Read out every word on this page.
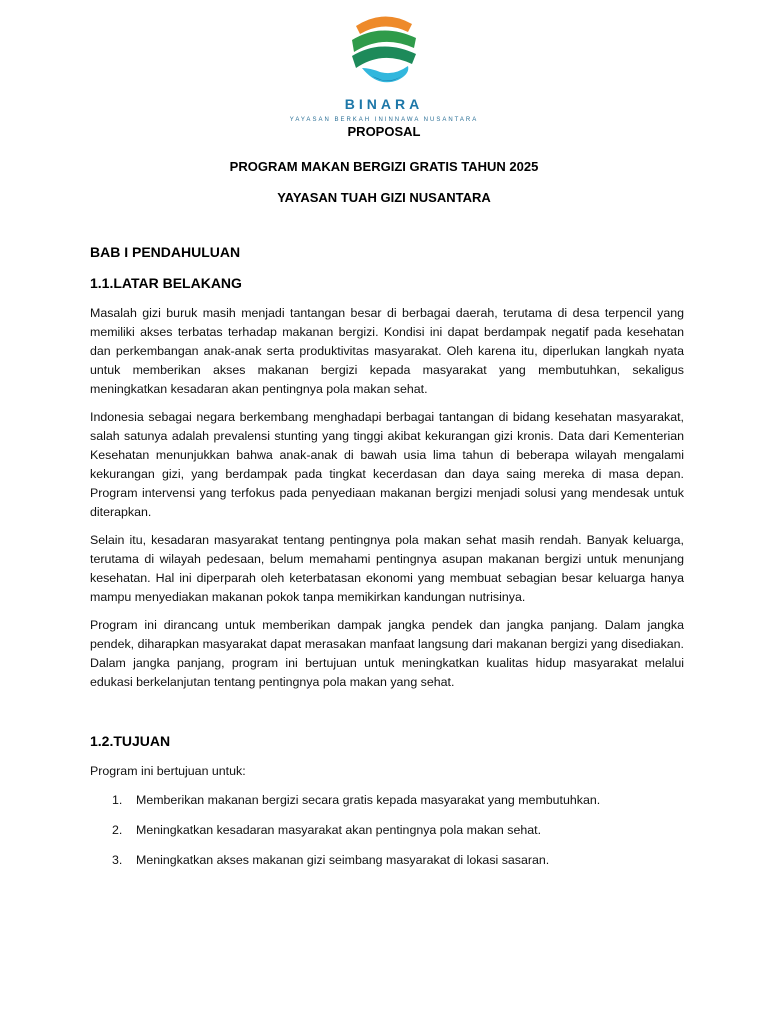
BINARA
YAYASAN BERKAH ININNAWA NUSANTARA
PROPOSAL
PROGRAM MAKAN BERGIZI GRATIS TAHUN 2025
YAYASAN TUAH GIZI NUSANTARA
BAB I PENDAHULUAN
1.1.LATAR BELAKANG

Masalah gizi buruk masih menjadi tantangan besar di berbagai daerah, terutama di desa terpencil yang memiliki akses terbatas terhadap makanan bergizi. Kondisi ini dapat berdampak negatif pada kesehatan dan perkembangan anak-anak serta produktivitas masyarakat. Oleh karena itu, diperlukan langkah nyata untuk memberikan akses makanan bergizi kepada masyarakat yang membutuhkan, sekaligus meningkatkan kesadaran akan pentingnya pola makan sehat.

Indonesia sebagai negara berkembang menghadapi berbagai tantangan di bidang kesehatan masyarakat, salah satunya adalah prevalensi stunting yang tinggi akibat kekurangan gizi kronis. Data dari Kementerian Kesehatan menunjukkan bahwa anak-anak di bawah usia lima tahun di beberapa wilayah mengalami kekurangan gizi, yang berdampak pada tingkat kecerdasan dan daya saing mereka di masa depan. Program intervensi yang terfokus pada penyediaan makanan bergizi menjadi solusi yang mendesak untuk diterapkan.

Selain itu, kesadaran masyarakat tentang pentingnya pola makan sehat masih rendah. Banyak keluarga, terutama di wilayah pedesaan, belum memahami pentingnya asupan makanan bergizi untuk menunjang kesehatan. Hal ini diperparah oleh keterbatasan ekonomi yang membuat sebagian besar keluarga hanya mampu menyediakan makanan pokok tanpa memikirkan kandungan nutrisinya.

Program ini dirancang untuk memberikan dampak jangka pendek dan jangka panjang. Dalam jangka pendek, diharapkan masyarakat dapat merasakan manfaat langsung dari makanan bergizi yang disediakan. Dalam jangka panjang, program ini bertujuan untuk meningkatkan kualitas hidup masyarakat melalui edukasi berkelanjutan tentang pentingnya pola makan yang sehat.

1.2.TUJUAN

Program ini bertujuan untuk:

1. Memberikan makanan bergizi secara gratis kepada masyarakat yang membutuhkan.
2. Meningkatkan kesadaran masyarakat akan pentingnya pola makan sehat.
3. Meningkatkan akses makanan gizi seimbang masyarakat di lokasi sasaran.
